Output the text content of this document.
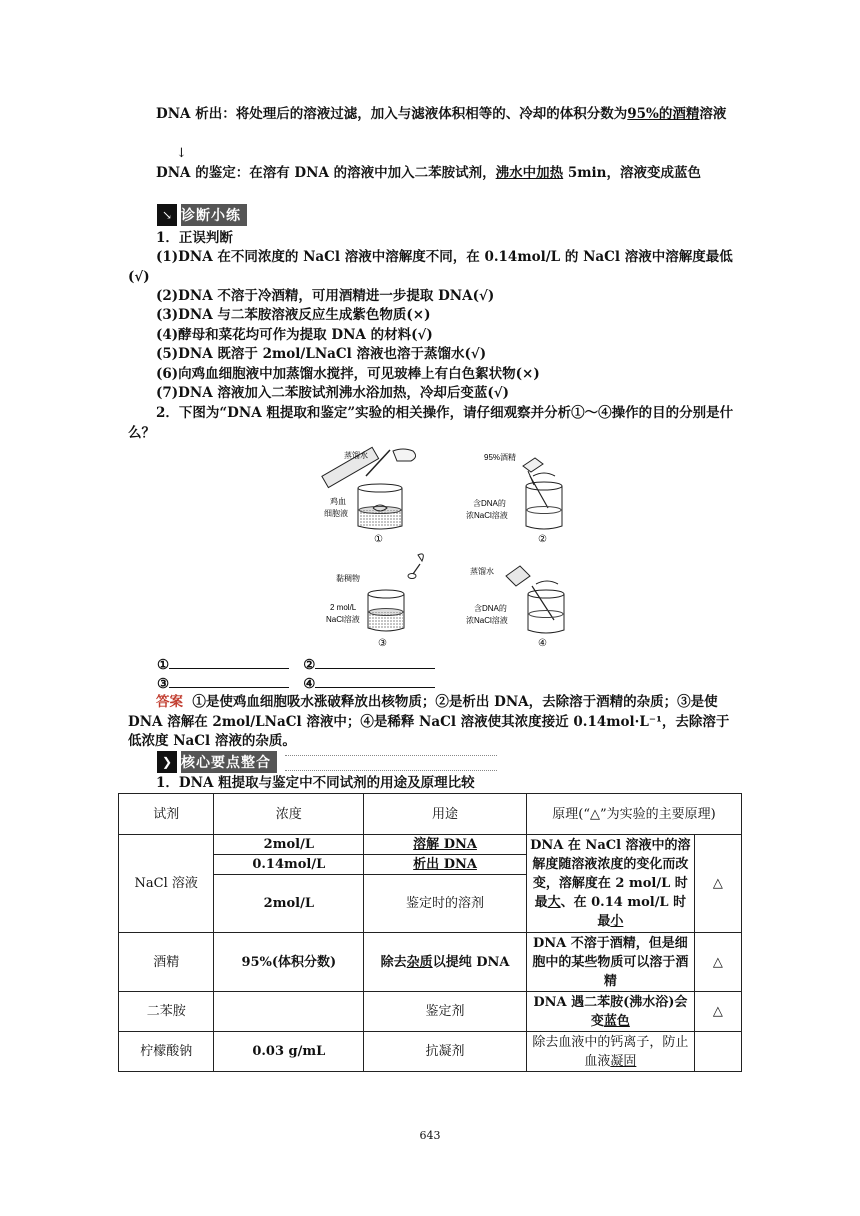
DNA 析出：将处理后的溶液过滤，加入与滤液体积相等的、冷却的体积分数为95%的酒精溶液
↓
DNA 的鉴定：在溶有 DNA 的溶液中加入二苯胺试剂，沸水中加热 5min，溶液变成蓝色
↘ 诊断小练
1．正误判断
(1)DNA 在不同浓度的 NaCl 溶液中溶解度不同，在 0.14mol/L 的 NaCl 溶液中溶解度最低(√)
(2)DNA 不溶于冷酒精，可用酒精进一步提取 DNA(√)
(3)DNA 与二苯胺溶液反应生成紫色物质(×)
(4)酵母和菜花均可作为提取 DNA 的材料(√)
(5)DNA 既溶于 2mol/LNaCl 溶液也溶于蒸馏水(√)
(6)向鸡血细胞液中加蒸馏水搅拌，可见玻棒上有白色絮状物(×)
(7)DNA 溶液加入二苯胺试剂沸水浴加热，冷却后变蓝(√)
2．下图为“DNA 粗提取和鉴定”实验的相关操作，请仔细观察并分析①～④操作的目的分别是什么？
蒸馏水
鸡血
细胞液
①
95%酒精
含DNA的
浓NaCl溶液
②
黏稠物
2 mol/L
NaCl溶液
③
蒸馏水
含DNA的
浓NaCl溶液
④
①	②
③	④
答案 ①是使鸡血细胞吸水涨破释放出核物质；②是析出 DNA，去除溶于酒精的杂质；③是使 DNA 溶解在 2mol/LNaCl 溶液中；④是稀释 NaCl 溶液使其浓度接近 0.14mol·L⁻¹，去除溶于低浓度 NaCl 溶液的杂质。
❯ 核心要点整合
1．DNA 粗提取与鉴定中不同试剂的用途及原理比较
试剂	浓度	用途	原理(“△”为实验的主要原理)	
NaCl 溶液	2mol/L	溶解 DNA	DNA 在 NaCl 溶液中的溶解度随溶液浓度的变化而改变，溶解度在 2 mol/L 时最大、在 0.14 mol/L 时最小	△
	0.14mol/L	析出 DNA		
	2mol/L	鉴定时的溶剂		
酒精	95%(体积分数)	除去杂质以提纯 DNA	DNA 不溶于酒精，但是细胞中的某些物质可以溶于酒精	△
二苯胺		鉴定剂	DNA 遇二苯胺(沸水浴)会变蓝色	△
柠檬酸钠	0.03 g/mL	抗凝剂	除去血液中的钙离子，防止血液凝固	
643
